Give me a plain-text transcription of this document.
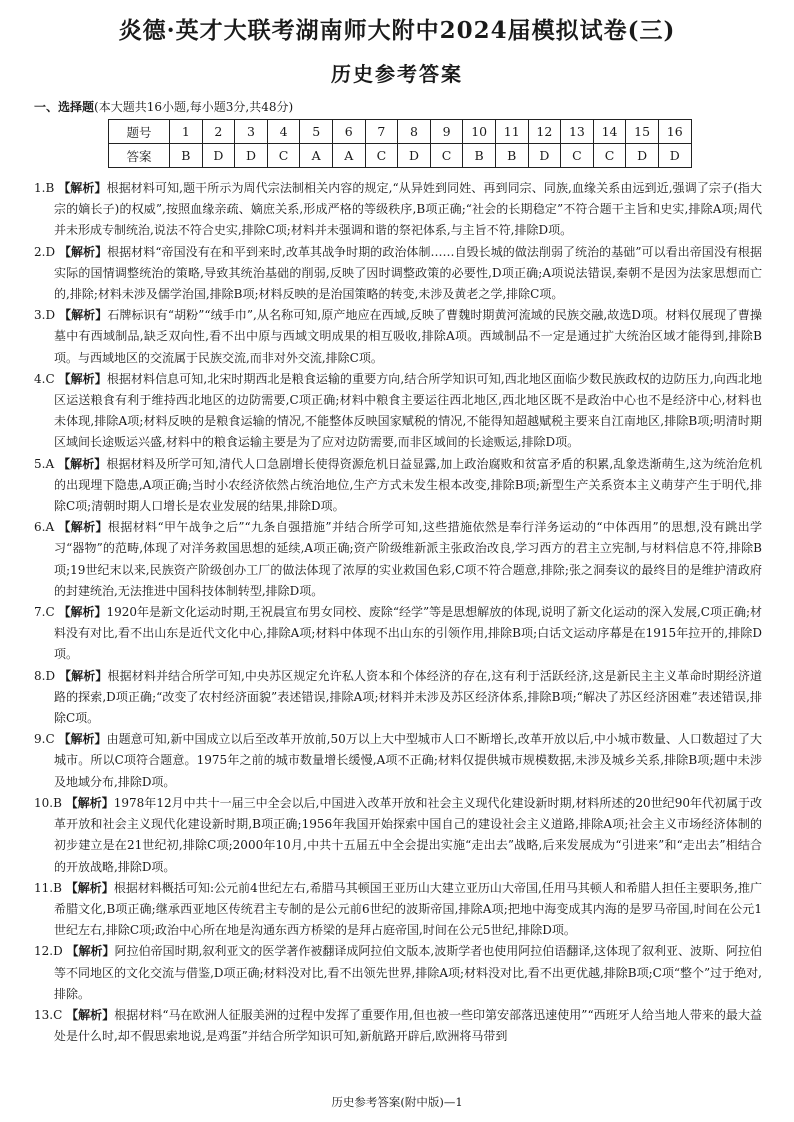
炎德·英才大联考湖南师大附中2024届模拟试卷(三)
历史参考答案
一、选择题(本大题共16小题,每小题3分,共48分)
题号	1	2	3	4	5	6	7	8	9	10	11	12	13	14	15	16
答案	B	D	D	C	A	A	C	D	C	B	B	D	C	C	D	D

1.B 【解析】根据材料可知,题干所示为周代宗法制相关内容的规定,“从异姓到同姓、再到同宗、同族,血缘关系由远到近,强调了宗子(指大宗的嫡长子)的权威”,按照血缘亲疏、嫡庶关系,形成严格的等级秩序,B项正确;“社会的长期稳定”不符合题干主旨和史实,排除A项;周代并未形成专制统治,说法不符合史实,排除C项;材料并未强调和谐的祭祀体系,与主旨不符,排除D项。

2.D 【解析】根据材料“帝国没有在和平到来时,改革其战争时期的政治体制……自毁长城的做法削弱了统治的基础”可以看出帝国没有根据实际的国情调整统治的策略,导致其统治基础的削弱,反映了因时调整政策的必要性,D项正确;A项说法错误,秦朝不是因为法家思想而亡的,排除;材料未涉及儒学治国,排除B项;材料反映的是治国策略的转变,未涉及黄老之学,排除C项。

3.D 【解析】石牌标识有“胡粉”“绒手巾”,从名称可知,原产地应在西域,反映了曹魏时期黄河流域的民族交融,故选D项。材料仅展现了曹操墓中有西域制品,缺乏双向性,看不出中原与西域文明成果的相互吸收,排除A项。西域制品不一定是通过扩大统治区域才能得到,排除B项。与西域地区的交流属于民族交流,而非对外交流,排除C项。

4.C 【解析】根据材料信息可知,北宋时期西北是粮食运输的重要方向,结合所学知识可知,西北地区面临少数民族政权的边防压力,向西北地区运送粮食有利于维持西北地区的边防需要,C项正确;材料中粮食主要运往西北地区,西北地区既不是政治中心也不是经济中心,材料也未体现,排除A项;材料反映的是粮食运输的情况,不能整体反映国家赋税的情况,不能得知超越赋税主要来自江南地区,排除B项;明清时期区域间长途贩运兴盛,材料中的粮食运输主要是为了应对边防需要,而非区域间的长途贩运,排除D项。

5.A 【解析】根据材料及所学可知,清代人口急剧增长使得资源危机日益显露,加上政治腐败和贫富矛盾的积累,乱象迭渐萌生,这为统治危机的出现埋下隐患,A项正确;当时小农经济依然占统治地位,生产方式未发生根本改变,排除B项;新型生产关系资本主义萌芽产生于明代,排除C项;清朝时期人口增长是农业发展的结果,排除D项。

6.A 【解析】根据材料“甲午战争之后”“九条自强措施”并结合所学可知,这些措施依然是奉行洋务运动的“中体西用”的思想,没有跳出学习“器物”的范畴,体现了对洋务救国思想的延续,A项正确;资产阶级维新派主张政治改良,学习西方的君主立宪制,与材料信息不符,排除B项;19世纪末以来,民族资产阶级创办工厂的做法体现了浓厚的实业救国色彩,C项不符合题意,排除;张之洞奏议的最终目的是维护清政府的封建统治,无法推进中国科技体制转型,排除D项。

7.C 【解析】1920年是新文化运动时期,王祝晨宣布男女同校、废除“经学”等是思想解放的体现,说明了新文化运动的深入发展,C项正确;材料没有对比,看不出山东是近代文化中心,排除A项;材料中体现不出山东的引领作用,排除B项;白话文运动序幕是在1915年拉开的,排除D项。

8.D 【解析】根据材料并结合所学可知,中央苏区规定允许私人资本和个体经济的存在,这有利于活跃经济,这是新民主主义革命时期经济道路的探索,D项正确;“改变了农村经济面貌”表述错误,排除A项;材料并未涉及苏区经济体系,排除B项;“解决了苏区经济困难”表述错误,排除C项。

9.C 【解析】由题意可知,新中国成立以后至改革开放前,50万以上大中型城市人口不断增长,改革开放以后,中小城市数量、人口数超过了大城市。所以C项符合题意。1975年之前的城市数量增长缓慢,A项不正确;材料仅提供城市规模数据,未涉及城乡关系,排除B项;题中未涉及地域分布,排除D项。

10.B 【解析】1978年12月中共十一届三中全会以后,中国进入改革开放和社会主义现代化建设新时期,材料所述的20世纪90年代初属于改革开放和社会主义现代化建设新时期,B项正确;1956年我国开始探索中国自己的建设社会主义道路,排除A项;社会主义市场经济体制的初步建立是在21世纪初,排除C项;2000年10月,中共十五届五中全会提出实施“走出去”战略,后来发展成为“引进来”和“走出去”相结合的开放战略,排除D项。

11.B 【解析】根据材料概括可知:公元前4世纪左右,希腊马其顿国王亚历山大建立亚历山大帝国,任用马其顿人和希腊人担任主要职务,推广希腊文化,B项正确;继承西亚地区传统君主专制的是公元前6世纪的波斯帝国,排除A项;把地中海变成其内海的是罗马帝国,时间在公元1世纪左右,排除C项;政治中心所在地是沟通东西方桥梁的是拜占庭帝国,时间在公元5世纪,排除D项。

12.D 【解析】阿拉伯帝国时期,叙利亚文的医学著作被翻译成阿拉伯文版本,波斯学者也使用阿拉伯语翻译,这体现了叙利亚、波斯、阿拉伯等不同地区的文化交流与借鉴,D项正确;材料没对比,看不出领先世界,排除A项;材料没对比,看不出更优越,排除B项;C项“整个”过于绝对,排除。

13.C 【解析】根据材料“马在欧洲人征服美洲的过程中发挥了重要作用,但也被一些印第安部落迅速使用”“西班牙人给当地人带来的最大益处是什么时,却不假思索地说,是鸡蛋”并结合所学知识可知,新航路开辟后,欧洲将马带到

历史参考答案(附中版)—1
